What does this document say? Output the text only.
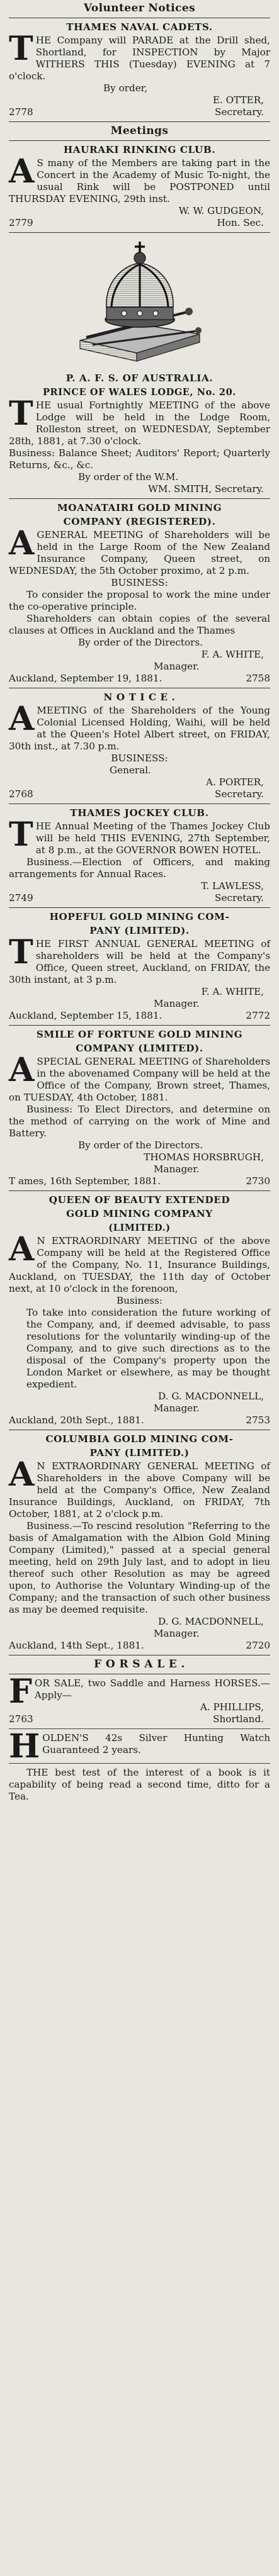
Volunteer Notices
THAMES NAVAL CADETS.

THE Company will PARADE at the Drill shed, Shortland, for INSPECTION by Major WITHERS THIS (Tuesday) EVENING at 7 o'clock.

By order,
E. OTTER,
2778	Secretary.
Meetings
HAURAKI RINKING CLUB.

A S many of the Members are taking part in the Concert in the Academy of Music To-night, the usual Rink will be POSTPONED until THURSDAY EVENING, 29th inst.

W. W. GUDGEON,
2779	Hon. Sec.
P. A. F. S. OF AUSTRALIA.
PRINCE OF WALES LODGE, No. 20.

THE usual Fortnightly MEETING of the above Lodge will be held in the Lodge Room, Rolleston street, on WEDNESDAY, September 28th, 1881, at 7.30 o'clock.

Business: Balance Sheet; Auditors' Report; Quarterly Returns, &c., &c.

By order of the W.M.
WM. SMITH, Secretary.
MOANATAIRI GOLD MINING
COMPANY (REGISTERED).

AGENERAL MEETING of Shareholders will be held in the Large Room of the New Zealand Insurance Company, Queen street, on WEDNESDAY, the 5th October proximo, at 2 p.m.

BUSINESS:

To consider the proposal to work the mine under the co-operative principle.

Shareholders can obtain copies of the several clauses at Offices in Auckland and the Thames

By order of the Directors.
F. A. WHITE,
Manager.
Auckland, September 19, 1881.	2758
N O T I C E .

AMEETING of the Shareholders of the Young Colonial Licensed Holding, Waihi, will be held at the Queen's Hotel Albert street, on FRIDAY, 30th inst., at 7.30 p.m.

BUSINESS:
General.
A. PORTER,
2768	Secretary.
THAMES JOCKEY CLUB.

THE Annual Meeting of the Thames Jockey Club will be held THIS EVENING, 27th September, at 8 p.m., at the GOVERNOR BOWEN HOTEL.

Business.—Election of Officers, and making arrangements for Annual Races.

T. LAWLESS,
2749	Secretary.
HOPEFUL GOLD MINING COM-
PANY (LIMITED).

THE FIRST ANNUAL GENERAL MEETING of shareholders will be held at the Company's Office, Queen street, Auckland, on FRIDAY, the 30th instant, at 3 p.m.

F. A. WHITE,
Manager.
Auckland, September 15, 1881.	2772
SMILE OF FORTUNE GOLD MINING
COMPANY (LIMITED).

ASPECIAL GENERAL MEETING of Shareholders in the abovenamed Company will be held at the Office of the Company, Brown street, Thames, on TUESDAY, 4th October, 1881.

Business: To Elect Directors, and determine on the method of carrying on the work of Mine and Battery.

By order of the Directors.
THOMAS HORSBRUGH,
Manager.
T ames, 16th September, 1881.	2730
QUEEN OF BEAUTY EXTENDED
GOLD MINING COMPANY
(LIMITED.)

A N EXTRAORDINARY MEETING of the above Company will be held at the Registered Office of the Company, No. 11, Insurance Buildings, Auckland, on TUESDAY, the 11th day of October next, at 10 o'clock in the forenoon,

Business:

To take into consideration the future working of the Company, and, if deemed advisable, to pass resolutions for the voluntarily winding-up of the Company, and to give such directions as to the disposal of the Company's property upon the London Market or elsewhere, as may be thought expedient.

D. G. MACDONNELL,
Manager.
Auckland, 20th Sept., 1881.	2753
COLUMBIA GOLD MINING COM-
PANY (LIMITED.)

A N EXTRAORDINARY GENERAL MEETING of Shareholders in the above Company will be held at the Company's Office, New Zealand Insurance Buildings, Auckland, on FRIDAY, 7th October, 1881, at 2 o'clock p.m.

Business.—To rescind resolution "Referring to the basis of Amalgamation with the Albion Gold Mining Company (Limited)," passed at a special general meeting, held on 29th July last, and to adopt in lieu thereof such other Resolution as may be agreed upon, to Authorise the Voluntary Winding-up of the Company; and the transaction of such other business as may be deemed requisite.

D. G. MACDONNELL,
Manager.
Auckland, 14th Sept., 1881.	2720
F O R S A L E .

FOR SALE, two Saddle and Harness HORSES.—Apply—

A. PHILLIPS,
2763	Shortland.

HOLDEN'S 42s Silver Hunting Watch Guaranteed 2 years.

THE best test of the interest of a book is it capability of being read a second time, ditto for a Tea.
